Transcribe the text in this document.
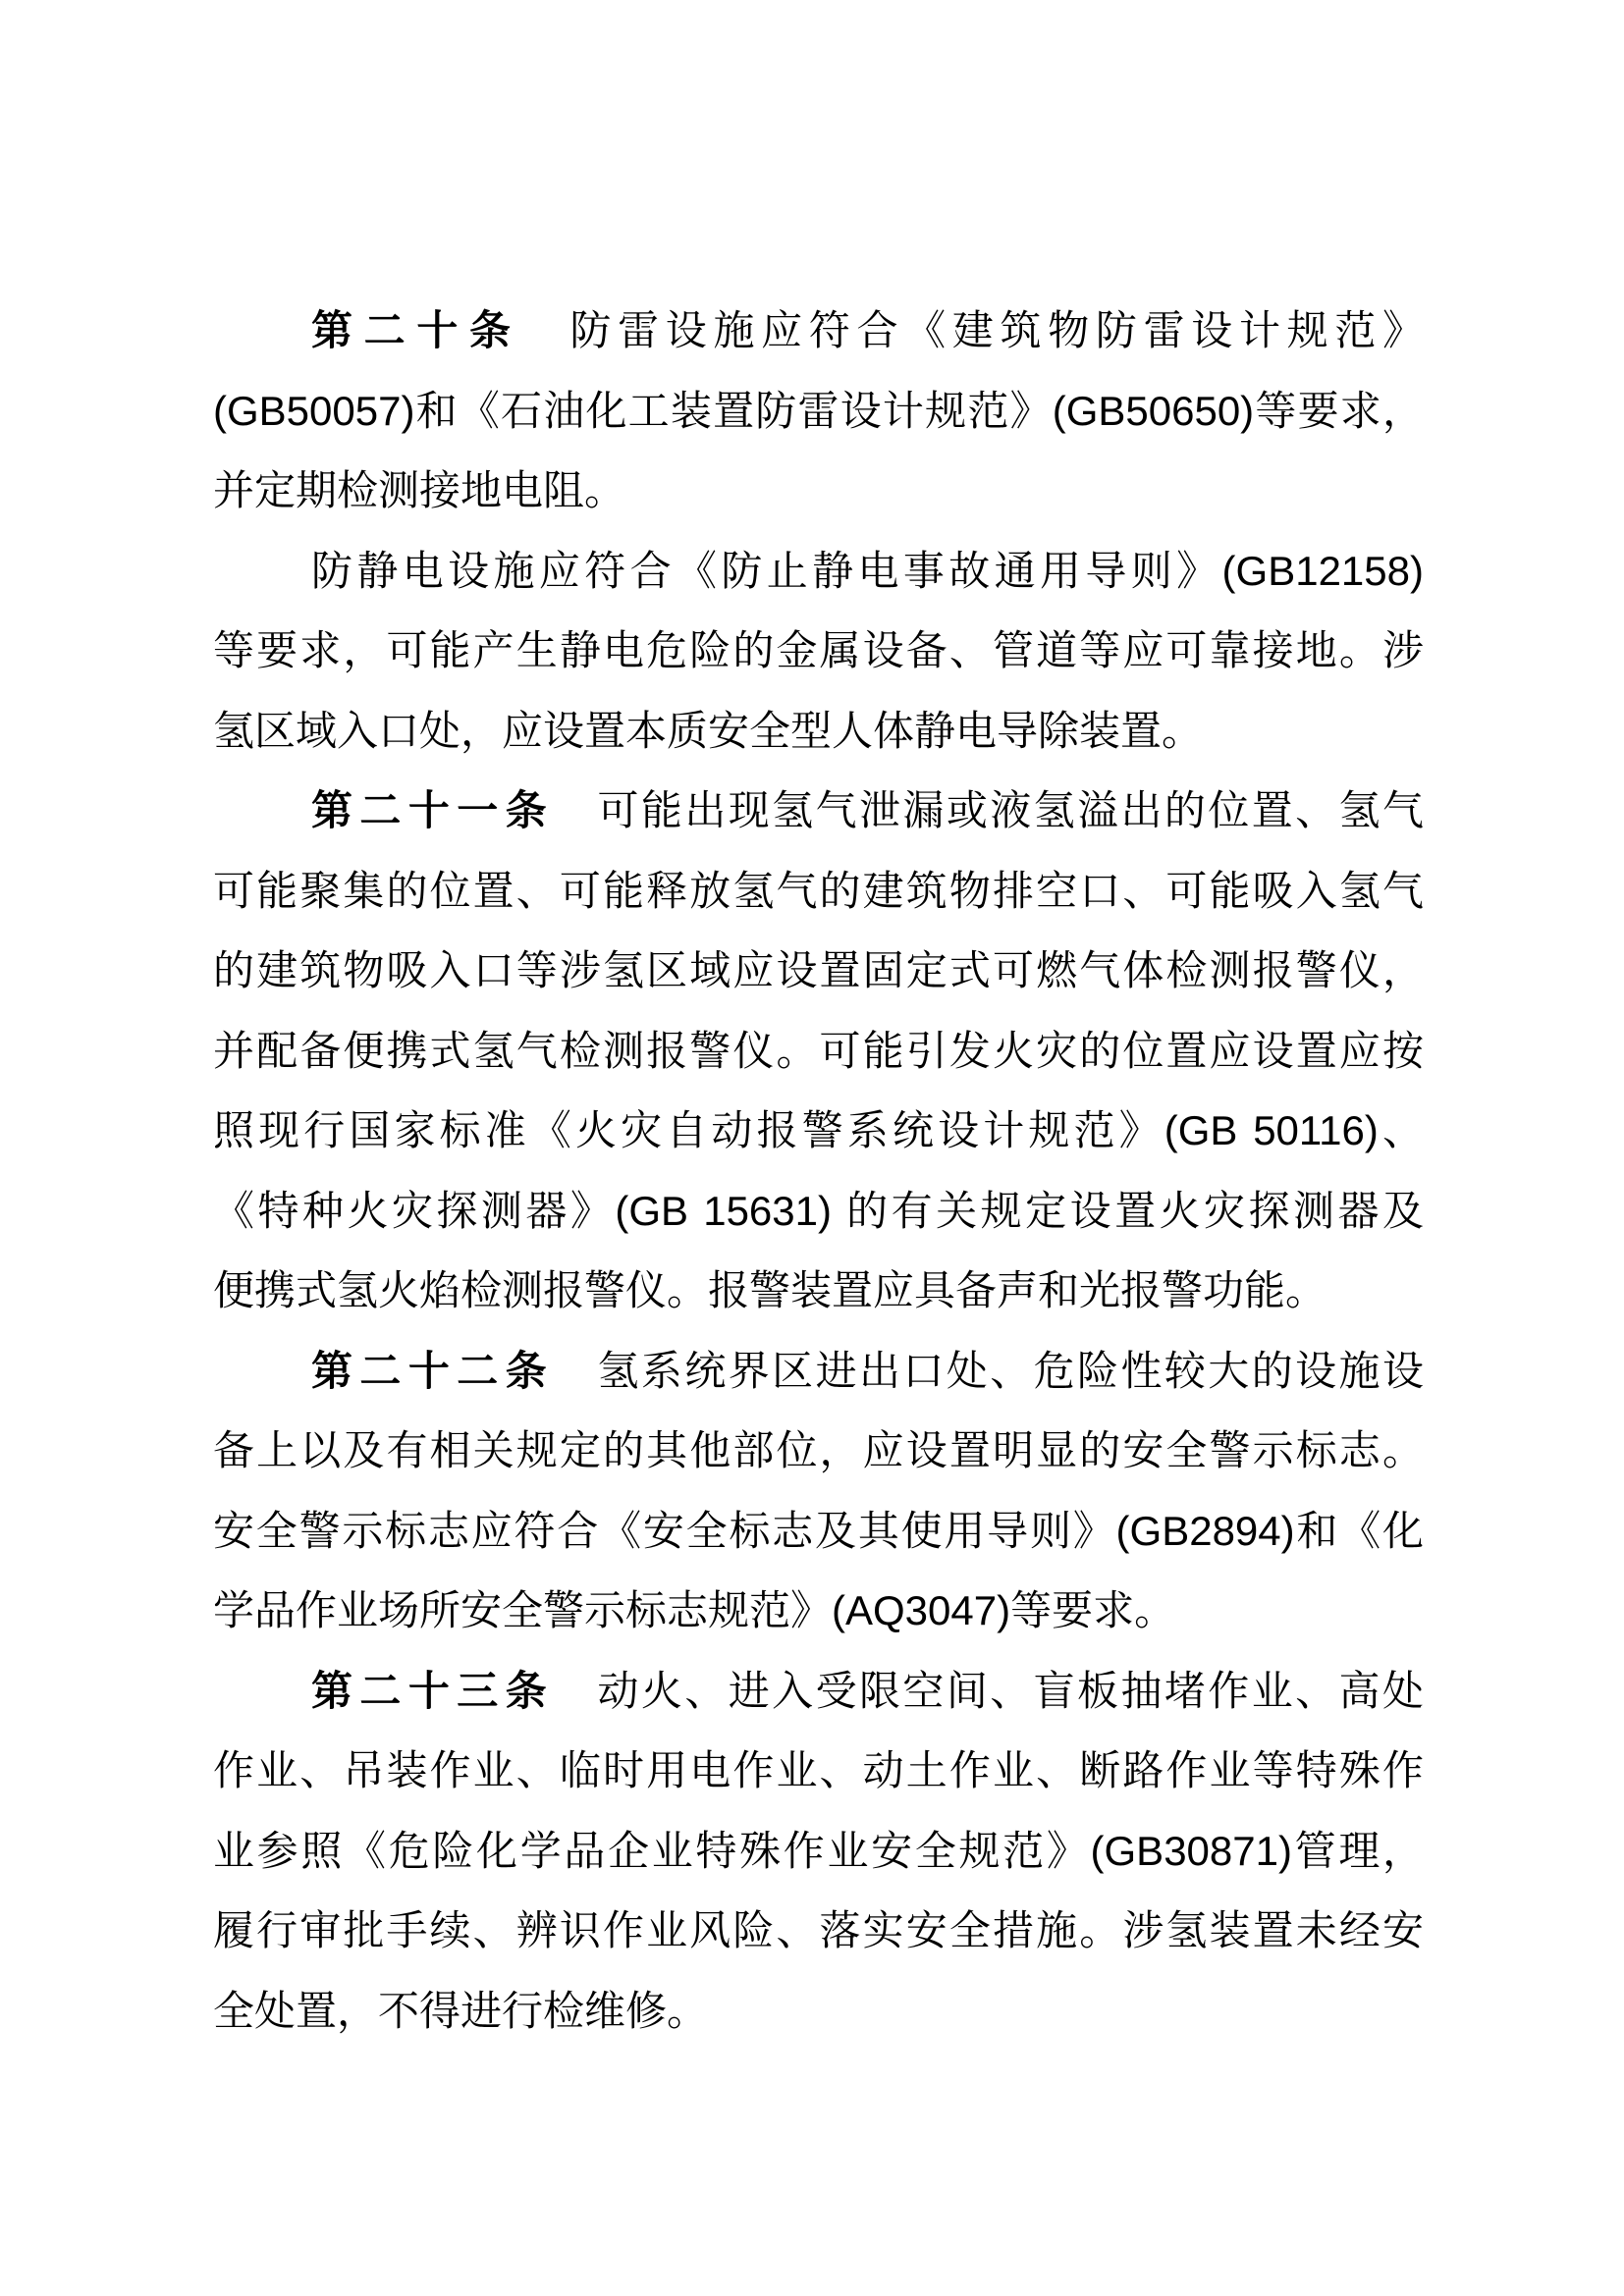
第二十条 防雷设施应符合《建筑物防雷设计规范》
(GB50057)和《石油化工装置防雷设计规范》(GB50650)等要求，
并定期检测接地电阻。
防静电设施应符合《防止静电事故通用导则》(GB12158)
等要求，可能产生静电危险的金属设备、管道等应可靠接地。涉
氢区域入口处，应设置本质安全型人体静电导除装置。
第二十一条 可能出现氢气泄漏或液氢溢出的位置、氢气
可能聚集的位置、可能释放氢气的建筑物排空口、可能吸入氢气
的建筑物吸入口等涉氢区域应设置固定式可燃气体检测报警仪，
并配备便携式氢气检测报警仪。可能引发火灾的位置应设置应按
照现行国家标准《火灾自动报警系统设计规范》(GB 50116)、
《特种火灾探测器》(GB 15631) 的有关规定设置火灾探测器及
便携式氢火焰检测报警仪。报警装置应具备声和光报警功能。
第二十二条 氢系统界区进出口处、危险性较大的设施设
备上以及有相关规定的其他部位，应设置明显的安全警示标志。
安全警示标志应符合《安全标志及其使用导则》(GB2894)和《化
学品作业场所安全警示标志规范》(AQ3047)等要求。
第二十三条 动火、进入受限空间、盲板抽堵作业、高处
作业、吊装作业、临时用电作业、动土作业、断路作业等特殊作
业参照《危险化学品企业特殊作业安全规范》(GB30871)管理，
履行审批手续、辨识作业风险、落实安全措施。涉氢装置未经安
全处置，不得进行检维修。
